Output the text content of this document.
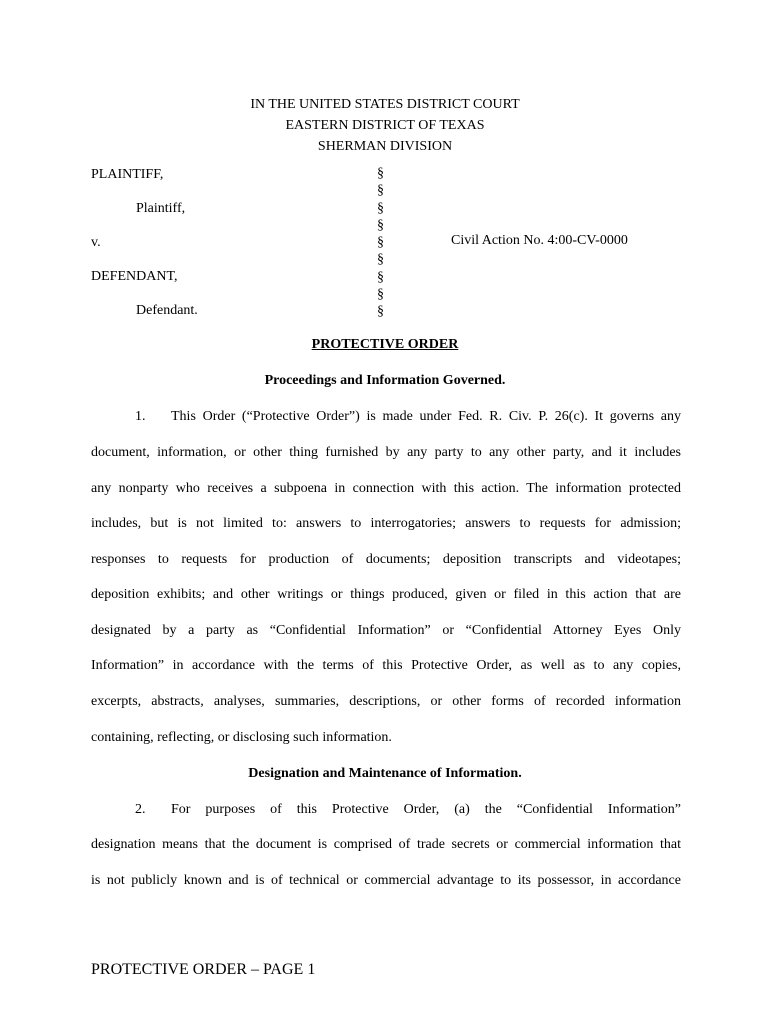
IN THE UNITED STATES DISTRICT COURT
EASTERN DISTRICT OF TEXAS
SHERMAN DIVISION
PLAINTIFF,
Plaintiff,
v.
DEFENDANT,
Defendant.
§
§
§
§
§
§
§
§
§
Civil Action No. 4:00-CV-0000
PROTECTIVE ORDER
Proceedings and Information Governed.
1. This Order (“Protective Order”) is made under Fed. R. Civ. P. 26(c). It governs any
document, information, or other thing furnished by any party to any other party, and it includes
any nonparty who receives a subpoena in connection with this action. The information protected
includes, but is not limited to: answers to interrogatories; answers to requests for admission;
responses to requests for production of documents; deposition transcripts and videotapes;
deposition exhibits; and other writings or things produced, given or filed in this action that are
designated by a party as “Confidential Information” or “Confidential Attorney Eyes Only
Information” in accordance with the terms of this Protective Order, as well as to any copies,
excerpts, abstracts, analyses, summaries, descriptions, or other forms of recorded information
containing, reflecting, or disclosing such information.
Designation and Maintenance of Information.
2. For purposes of this Protective Order, (a) the “Confidential Information”
designation means that the document is comprised of trade secrets or commercial information that
is not publicly known and is of technical or commercial advantage to its possessor, in accordance
PROTECTIVE ORDER – PAGE 1
